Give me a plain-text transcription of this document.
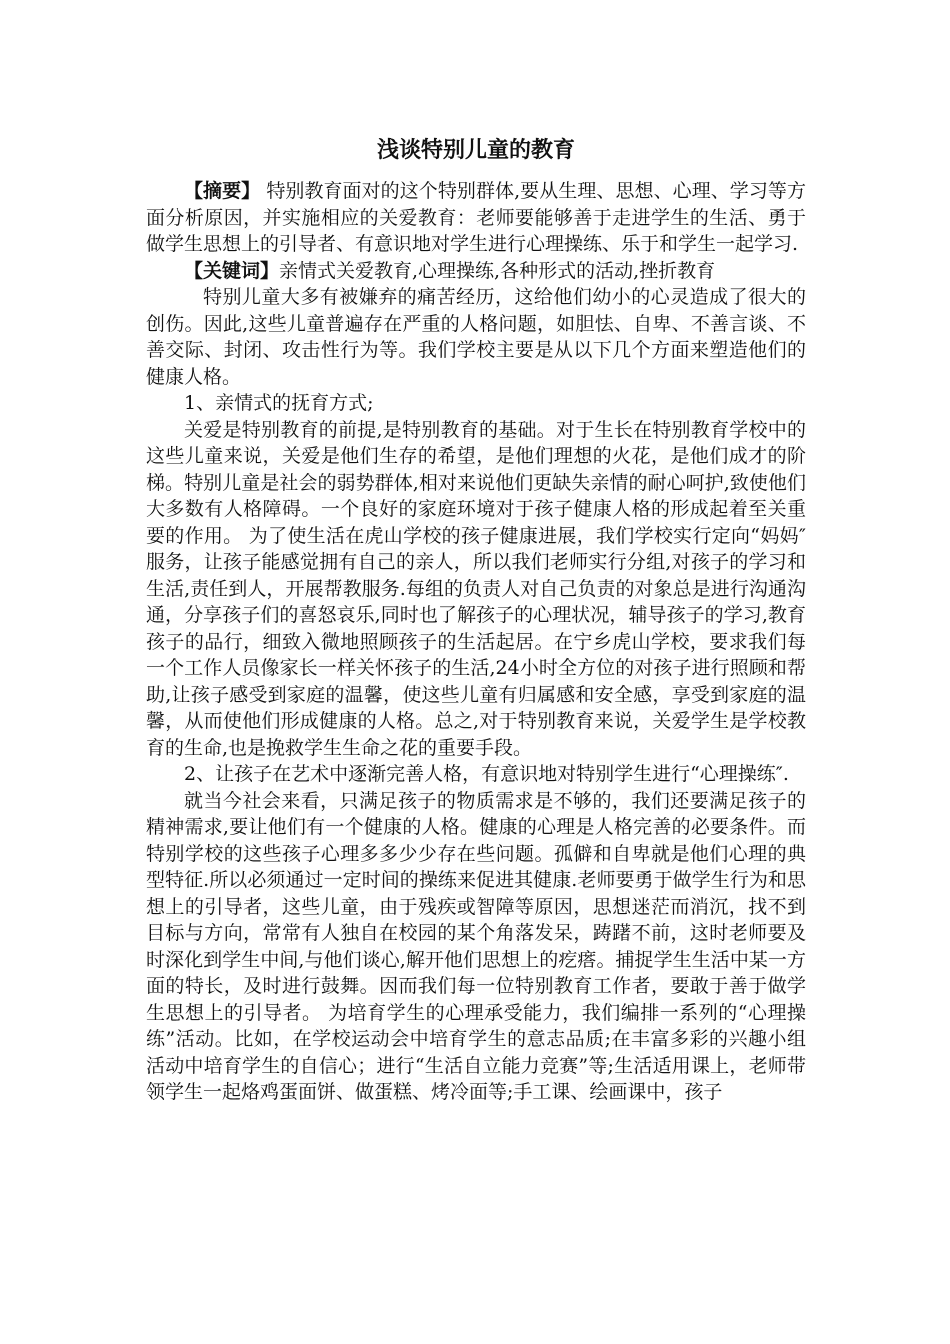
浅谈特别儿童的教育

【摘要】 特别教育面对的这个特别群体,要从生理、思想、心理、学习等方面分析原因，并实施相应的关爱教育：老师要能够善于走进学生的生活、勇于做学生思想上的引导者、有意识地对学生进行心理操练、乐于和学生一起学习.

【关键词】亲情式关爱教育,心理操练,各种形式的活动,挫折教育

特别儿童大多有被嫌弃的痛苦经历，这给他们幼小的心灵造成了很大的创伤。因此,这些儿童普遍存在严重的人格问题，如胆怯、自卑、不善言谈、不善交际、封闭、攻击性行为等。我们学校主要是从以下几个方面来塑造他们的健康人格。

1、亲情式的抚育方式;

关爱是特别教育的前提,是特别教育的基础。对于生长在特别教育学校中的这些儿童来说，关爱是他们生存的希望，是他们理想的火花，是他们成才的阶梯。特别儿童是社会的弱势群体,相对来说他们更缺失亲情的耐心呵护,致使他们大多数有人格障碍。一个良好的家庭环境对于孩子健康人格的形成起着至关重要的作用。 为了使生活在虎山学校的孩子健康进展，我们学校实行定向“妈妈″服务，让孩子能感觉拥有自己的亲人，所以我们老师实行分组,对孩子的学习和生活,责任到人，开展帮教服务.每组的负责人对自己负责的对象总是进行沟通沟通，分享孩子们的喜怒哀乐,同时也了解孩子的心理状况，辅导孩子的学习,教育孩子的品行，细致入微地照顾孩子的生活起居。在宁乡虎山学校，要求我们每一个工作人员像家长一样关怀孩子的生活,24小时全方位的对孩子进行照顾和帮助,让孩子感受到家庭的温馨，使这些儿童有归属感和安全感，享受到家庭的温馨，从而使他们形成健康的人格。总之,对于特别教育来说，关爱学生是学校教育的生命,也是挽救学生生命之花的重要手段。

2、让孩子在艺术中逐渐完善人格，有意识地对特别学生进行“心理操练″.

就当今社会来看，只满足孩子的物质需求是不够的，我们还要满足孩子的精神需求,要让他们有一个健康的人格。健康的心理是人格完善的必要条件。而特别学校的这些孩子心理多多少少存在些问题。孤僻和自卑就是他们心理的典型特征.所以必须通过一定时间的操练来促进其健康.老师要勇于做学生行为和思想上的引导者，这些儿童，由于残疾或智障等原因，思想迷茫而消沉，找不到目标与方向，常常有人独自在校园的某个角落发呆，踌躇不前，这时老师要及时深化到学生中间,与他们谈心,解开他们思想上的疙瘩。捕捉学生生活中某一方面的特长，及时进行鼓舞。因而我们每一位特别教育工作者，要敢于善于做学生思想上的引导者。 为培育学生的心理承受能力，我们编排一系列的“心理操练”活动。比如，在学校运动会中培育学生的意志品质;在丰富多彩的兴趣小组活动中培育学生的自信心；进行“生活自立能力竞赛”等;生活适用课上，老师带领学生一起烙鸡蛋面饼、做蛋糕、烤冷面等;手工课、绘画课中，孩子
